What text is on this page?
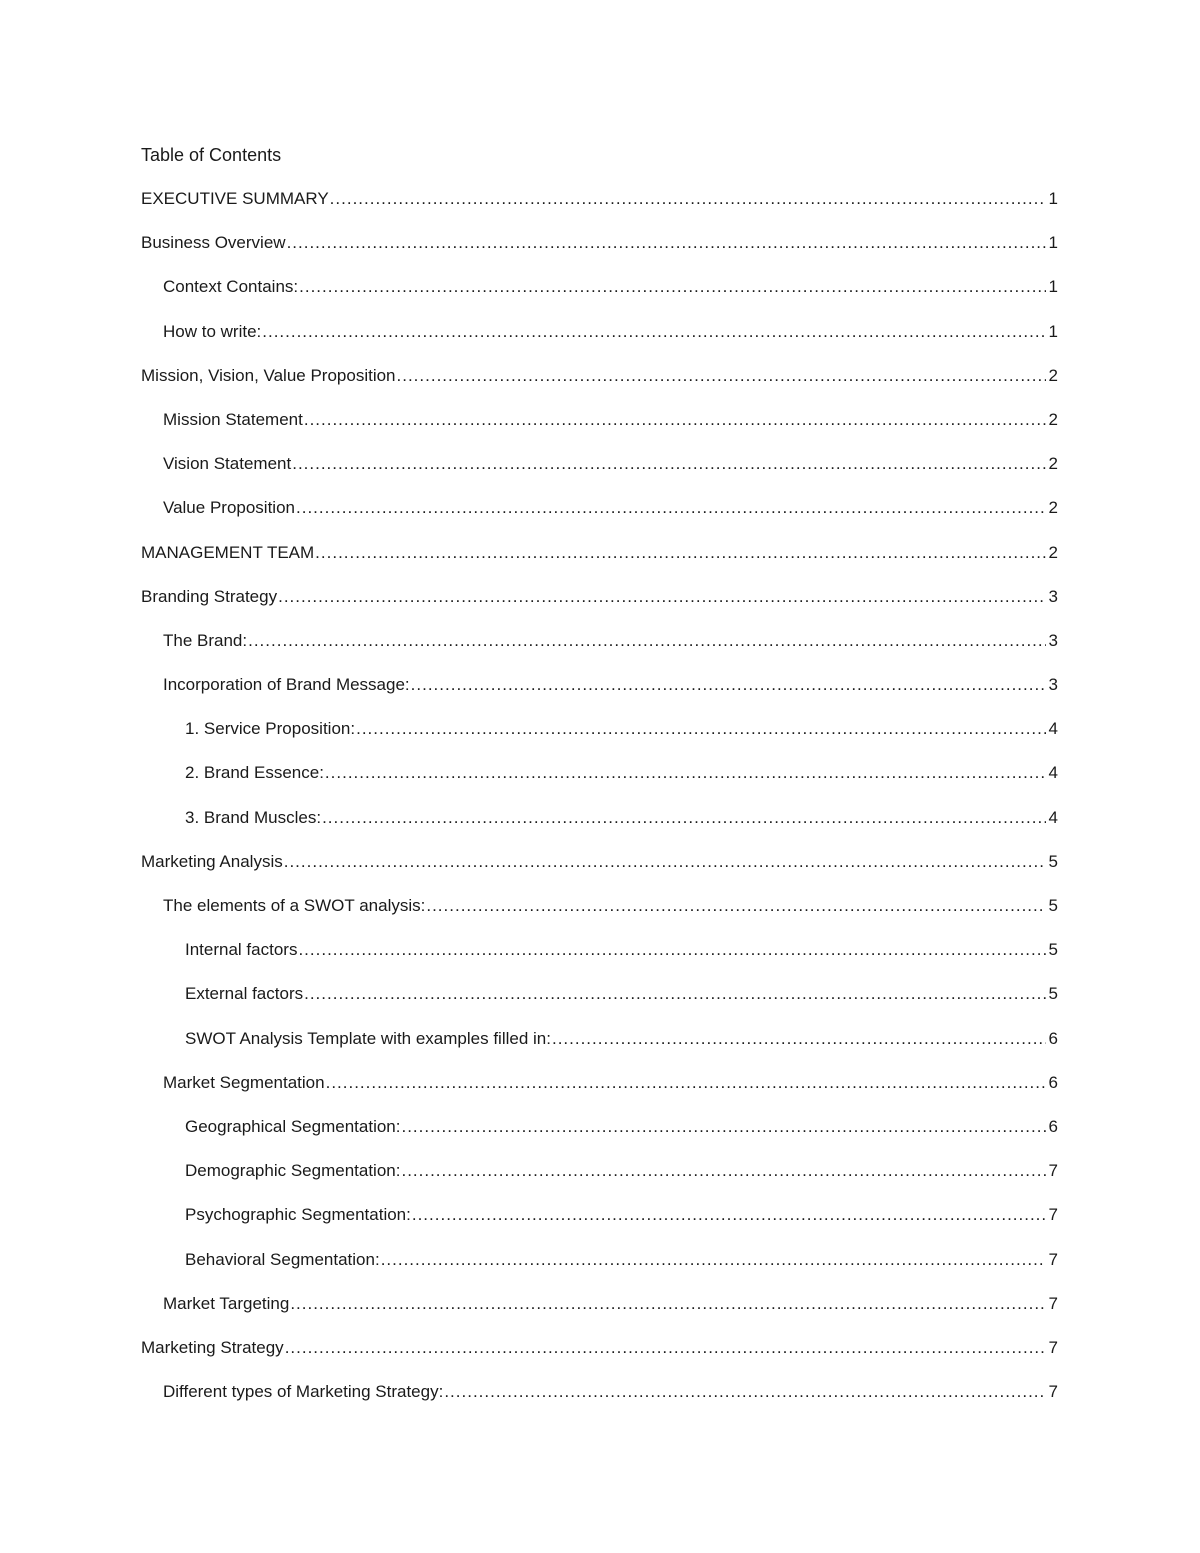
Table of Contents
EXECUTIVE SUMMARY .....	1
Business Overview .....	1
Context Contains: .....	1
How to write: .....	1
Mission, Vision, Value Proposition .....	2
Mission Statement .....	2
Vision Statement .....	2
Value Proposition .....	2
MANAGEMENT TEAM .....	2
Branding Strategy .....	3
The Brand: .....	3
Incorporation of Brand Message: .....	3
1. Service Proposition: .....	4
2. Brand Essence: .....	4
3. Brand Muscles: .....	4
Marketing Analysis .....	5
The elements of a SWOT analysis: .....	5
Internal factors .....	5
External factors .....	5
SWOT Analysis Template with examples filled in: .....	6
Market Segmentation .....	6
Geographical Segmentation: .....	6
Demographic Segmentation: .....	7
Psychographic Segmentation: .....	7
Behavioral Segmentation: .....	7
Market Targeting .....	7
Marketing Strategy .....	7
Different types of Marketing Strategy: .....	7
